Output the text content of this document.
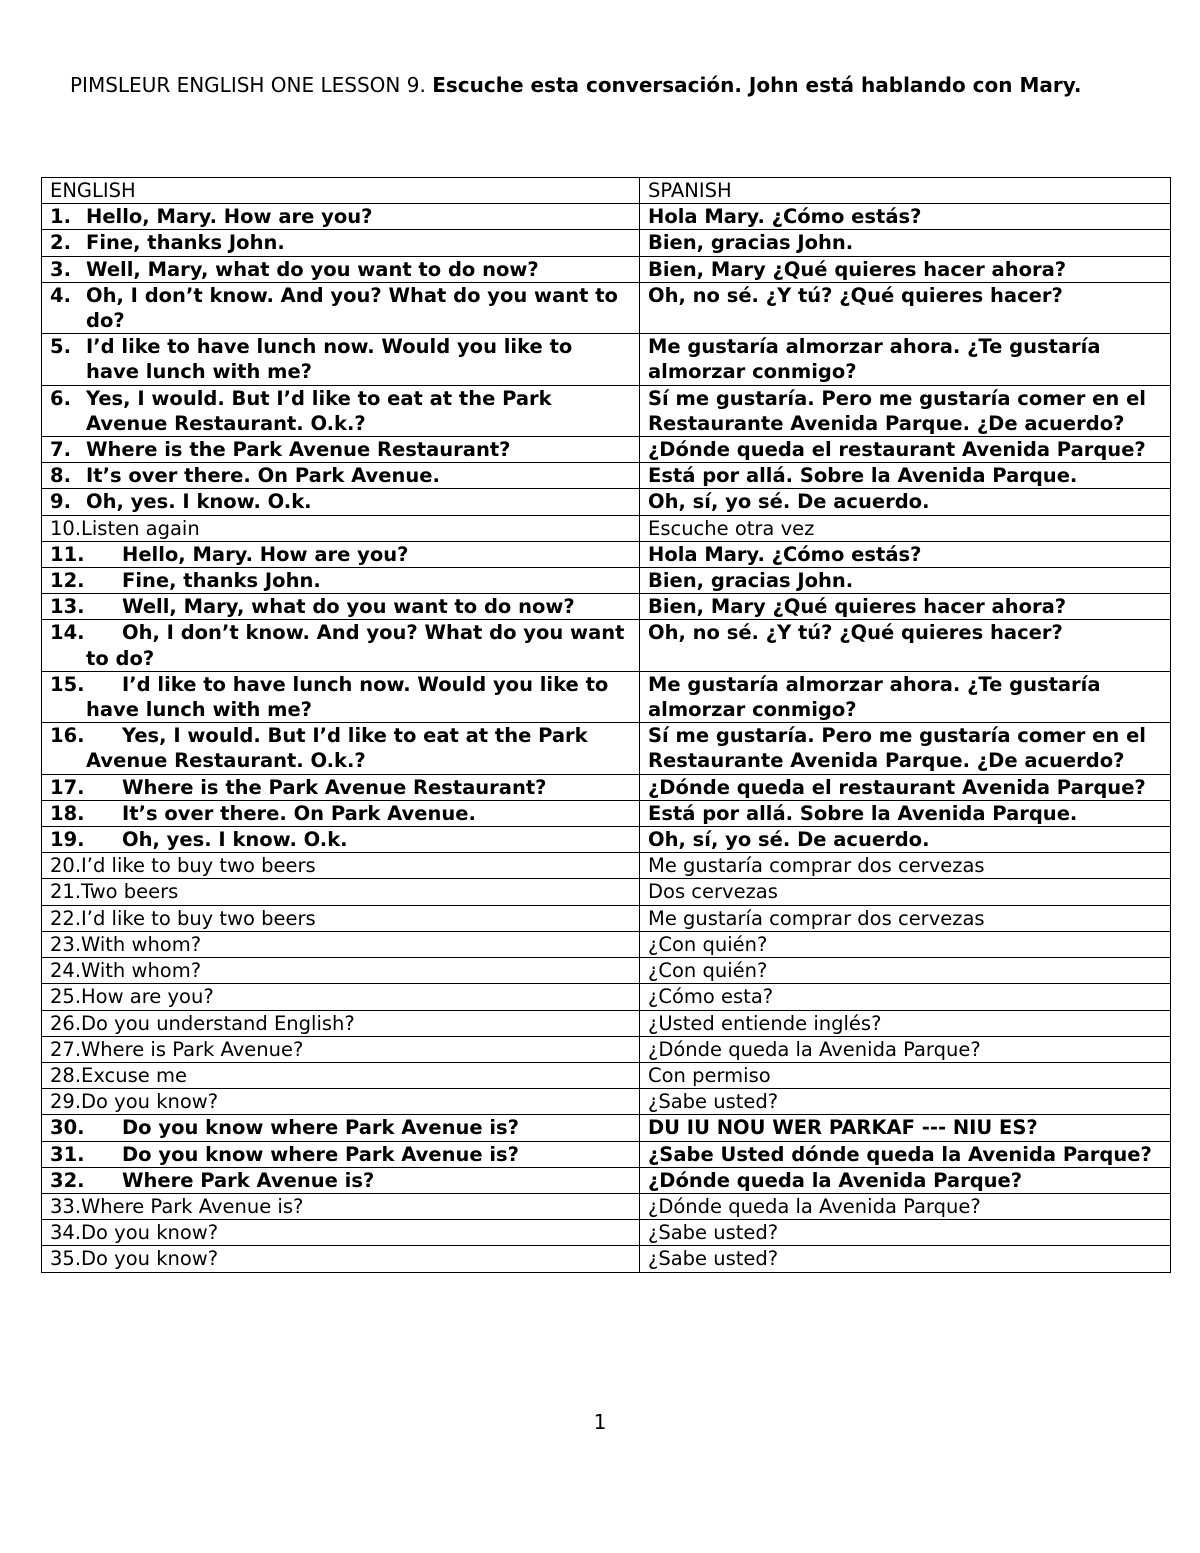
PIMSLEUR ENGLISH ONE LESSON 9. Escuche esta conversación. John está hablando con Mary.

ENGLISH	SPANISH

1. Hello, Mary. How are you?	Hola Mary. ¿Cómo estás?

2. Fine, thanks John.	Bien, gracias John.

3. Well, Mary, what do you want to do now?	Bien, Mary ¿Qué quieres hacer ahora?

4. Oh, I don’t know. And you? What do you want to do?	Oh, no sé. ¿Y tú? ¿Qué quieres hacer?

5. I’d like to have lunch now. Would you like to have lunch with me?	Me gustaría almorzar ahora. ¿Te gustaría almorzar conmigo?

6. Yes, I would. But I’d like to eat at the Park Avenue Restaurant. O.k.?	Sí me gustaría. Pero me gustaría comer en el Restaurante Avenida Parque. ¿De acuerdo?

7. Where is the Park Avenue Restaurant?	¿Dónde queda el restaurant Avenida Parque?

8. It’s over there. On Park Avenue.	Está por allá. Sobre la Avenida Parque.

9. Oh, yes. I know. O.k.	Oh, sí, yo sé. De acuerdo.

10. Listen again	Escuche otra vez

11. Hello, Mary. How are you?	Hola Mary. ¿Cómo estás?

12. Fine, thanks John.	Bien, gracias John.

13. Well, Mary, what do you want to do now?	Bien, Mary ¿Qué quieres hacer ahora?

14. Oh, I don’t know. And you? What do you want to do?	Oh, no sé. ¿Y tú? ¿Qué quieres hacer?

15. I’d like to have lunch now. Would you like to have lunch with me?	Me gustaría almorzar ahora. ¿Te gustaría almorzar conmigo?

16. Yes, I would. But I’d like to eat at the Park Avenue Restaurant. O.k.?	Sí me gustaría. Pero me gustaría comer en el Restaurante Avenida Parque. ¿De acuerdo?

17. Where is the Park Avenue Restaurant?	¿Dónde queda el restaurant Avenida Parque?

18. It’s over there. On Park Avenue.	Está por allá. Sobre la Avenida Parque.

19. Oh, yes. I know. O.k.	Oh, sí, yo sé. De acuerdo.

20. I’d like to buy two beers	Me gustaría comprar dos cervezas

21. Two beers	Dos cervezas

22. I’d like to buy two beers	Me gustaría comprar dos cervezas

23. With whom?	¿Con quién?

24. With whom?	¿Con quién?

25. How are you?	¿Cómo esta?

26. Do you understand English?	¿Usted entiende inglés?

27. Where is Park Avenue?	¿Dónde queda la Avenida Parque?

28. Excuse me	Con permiso

29. Do you know?	¿Sabe usted?

30. Do you know where Park Avenue is?	DU IU NOU WER PARKAF --- NIU ES?

31. Do you know where Park Avenue is?	¿Sabe Usted dónde queda la Avenida Parque?

32. Where Park Avenue is?	¿Dónde queda la Avenida Parque?

33. Where Park Avenue is?	¿Dónde queda la Avenida Parque?

34. Do you know?	¿Sabe usted?

35. Do you know?	¿Sabe usted?
1
